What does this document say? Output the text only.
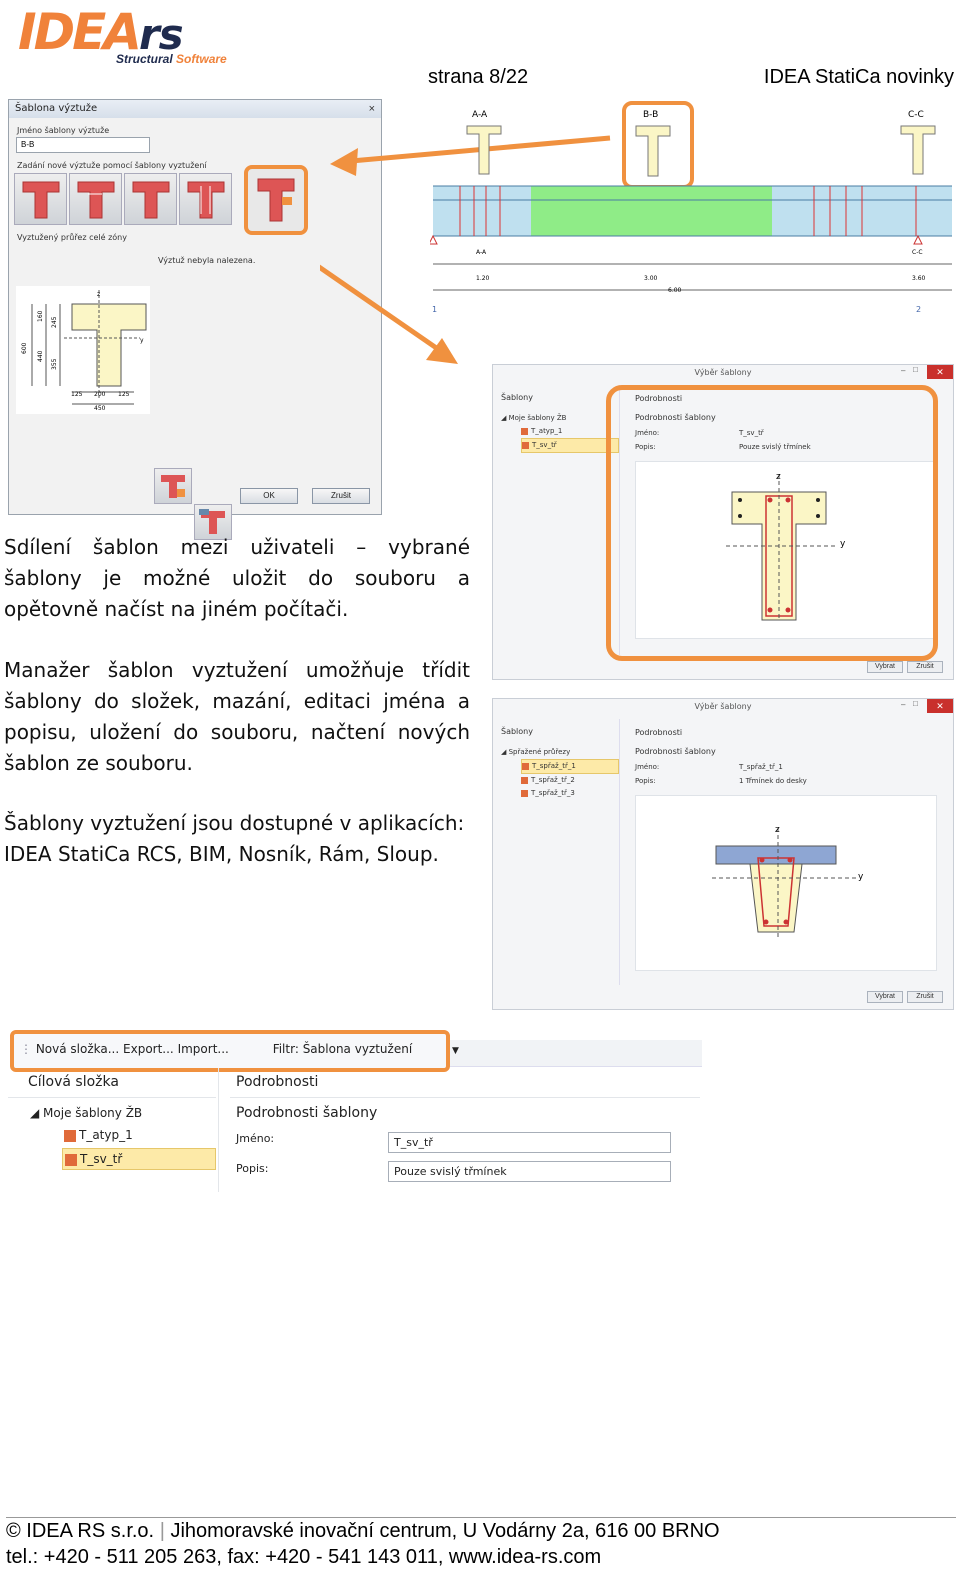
IDEArs
Structural Software
strana 8/22	IDEA StatiCa novinky
Šablona výztuže	×
Jméno šablony výztuže
B-B
Zadání nové výztuže pomocí šablony vyztužení
Vyztužený průřez celé zóny
Výztuž nebyla nalezena.
600
440
355
160
245
125 200 125
450
z
y
OK	Zrušit
A-A	B-B	C-C
A-A	C-C
1.20	3.00	3.60
6.00
1	2
Sdílení šablon mezi uživateli – vybrané šablony je možné uložit do souboru a opětovně načíst na jiném počítači.
Manažer šablon vyztužení umožňuje třídit šablony do složek, mazání, editaci jména a popisu, uložení do souboru, načtení nových šablon ze souboru.
Šablony vyztužení jsou dostupné v aplikacích: IDEA StatiCa RCS, BIM, Nosník, Rám, Sloup.
Výběr šablony	✕
– □
Šablony
◢ Moje šablony ŽB
T_atyp_1
T_sv_tř
Podrobnosti
Podrobnosti šablony
Jméno:	T_sv_tř
Popis:	Pouze svislý třmínek
Vybrat	Zrušit
z
y
Výběr šablony	✕
– □
Šablony
◢ Spřažené průřezy
T_spřaž_tř_1
T_spřaž_tř_2
T_spřaž_tř_3
Podrobnosti
Podrobnosti šablony
Jméno:	T_spřaž_tř_1
Popis:	1 Třmínek do desky
Vybrat	Zrušit
z
y
⋮ Nová složka... Export... Import...	Filtr: Šablona vyztužení	▼
Cílová složka
◢ Moje šablony ŽB
T_atyp_1
T_sv_tř
Podrobnosti
Podrobnosti šablony
Jméno:	T_sv_tř
Popis:	Pouze svislý třmínek
© IDEA RS s.r.o. | Jihomoravské inovační centrum, U Vodárny 2a, 616 00 BRNO
tel.: +420 - 511 205 263, fax: +420 - 541 143 011, www.idea-rs.com
